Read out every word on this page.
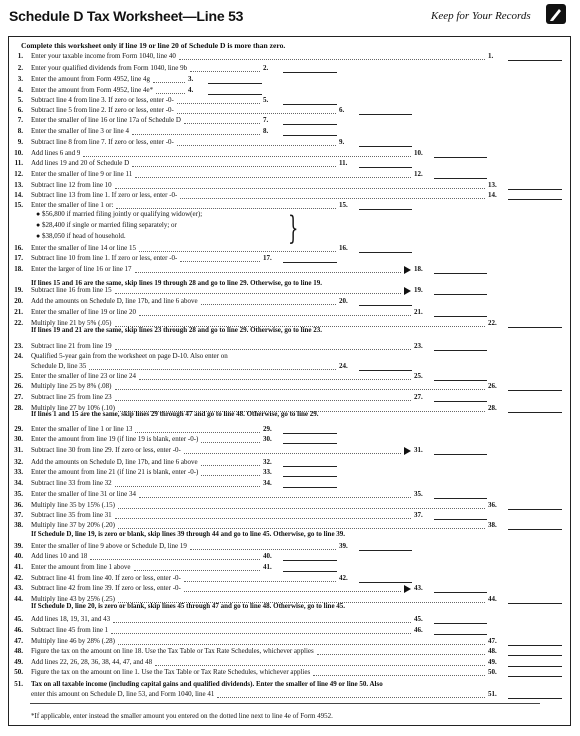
Schedule D Tax Worksheet—Line 53	Keep for Your Records
Complete this worksheet only if line 19 or line 20 of Schedule D is more than zero.
1. Enter your taxable income from Form 1040, line 40	1.
2. Enter your qualified dividends from Form 1040, line 9b	2.
3. Enter the amount from Form 4952, line 4g	3.
4. Enter the amount from Form 4952, line 4e*	4.
5. Subtract line 4 from line 3. If zero or less, enter -0-	5.
6. Subtract line 5 from line 2. If zero or less, enter -0-	6.
7. Enter the smaller of line 16 or line 17a of Schedule D	7.
8. Enter the smaller of line 3 or line 4	8.
9. Subtract line 8 from line 7. If zero or less, enter -0-	9.
10. Add lines 6 and 9	10.
11. Add lines 19 and 20 of Schedule D	11.
12. Enter the smaller of line 9 or line 11	12.
13. Subtract line 12 from line 10	13.
14. Subtract line 13 from line 1. If zero or less, enter -0-	14.
15. Enter the smaller of line 1 or:	15.
16. Enter the smaller of line 14 or line 15	16.
17. Subtract line 10 from line 1. If zero or less, enter -0-	17.
18. Enter the larger of line 16 or line 17	18.
19. Subtract line 16 from line 15	19.
20. Add the amounts on Schedule D, line 17b, and line 6 above	20.
21. Enter the smaller of line 19 or line 20	21.
22. Multiply line 21 by 5% (.05)	22.
23. Subtract line 21 from line 19	23.
24. Qualified 5-year gain from the worksheet on page D-10. Also enter on
Schedule D, line 35	24.
25. Enter the smaller of line 23 or line 24	25.
26. Multiply line 25 by 8% (.08)	26.
27. Subtract line 25 from line 23	27.
28. Multiply line 27 by 10% (.10)	28.
29. Enter the smaller of line 1 or line 13	29.
30. Enter the amount from line 19 (if line 19 is blank, enter -0-)	30.
31. Subtract line 30 from line 29. If zero or less, enter -0-	31.
32. Add the amounts on Schedule D, line 17b, and line 6 above	32.
33. Enter the amount from line 21 (if line 21 is blank, enter -0-)	33.
34. Subtract line 33 from line 32	34.
35. Enter the smaller of line 31 or line 34	35.
36. Multiply line 35 by 15% (.15)	36.
37. Subtract line 35 from line 31	37.
38. Multiply line 37 by 20% (.20)	38.
39. Enter the smaller of line 9 above or Schedule D, line 19	39.
40. Add lines 10 and 18	40.
41. Enter the amount from line 1 above	41.
42. Subtract line 41 from line 40. If zero or less, enter -0-	42.
43. Subtract line 42 from line 39. If zero or less, enter -0-	43.
44. Multiply line 43 by 25% (.25)	44.
45. Add lines 18, 19, 31, and 43	45.
46. Subtract line 45 from line 1	46.
47. Multiply line 46 by 28% (.28)	47.
48. Figure the tax on the amount on line 18. Use the Tax Table or Tax Rate Schedules, whichever applies	48.
49. Add lines 22, 26, 28, 36, 38, 44, 47, and 48	49.
50. Figure the tax on the amount on line 1. Use the Tax Table or Tax Rate Schedules, whichever applies	50.
51. Tax on all taxable income (including capital gains and qualified dividends). Enter the smaller of line 49 or line 50. Also
enter this amount on Schedule D, line 53, and Form 1040, line 41	51.
If lines 15 and 16 are the same, skip lines 19 through 28 and go to line 29. Otherwise, go to line 19.
If lines 19 and 21 are the same, skip lines 23 through 28 and go to line 29. Otherwise, go to line 23.
If lines 1 and 15 are the same, skip lines 29 through 47 and go to line 48. Otherwise, go to line 29.
If Schedule D, line 19, is zero or blank, skip lines 39 through 44 and go to line 45. Otherwise, go to line 39.
If Schedule D, line 20, is zero or blank, skip lines 45 through 47 and go to line 48. Otherwise, go to line 45.
● $56,800 if married filing jointly or qualifying widow(er);
● $28,400 if single or married filing separately; or
● $38,050 if head of household.	}
*If applicable, enter instead the smaller amount you entered on the dotted line next to line 4e of Form 4952.
